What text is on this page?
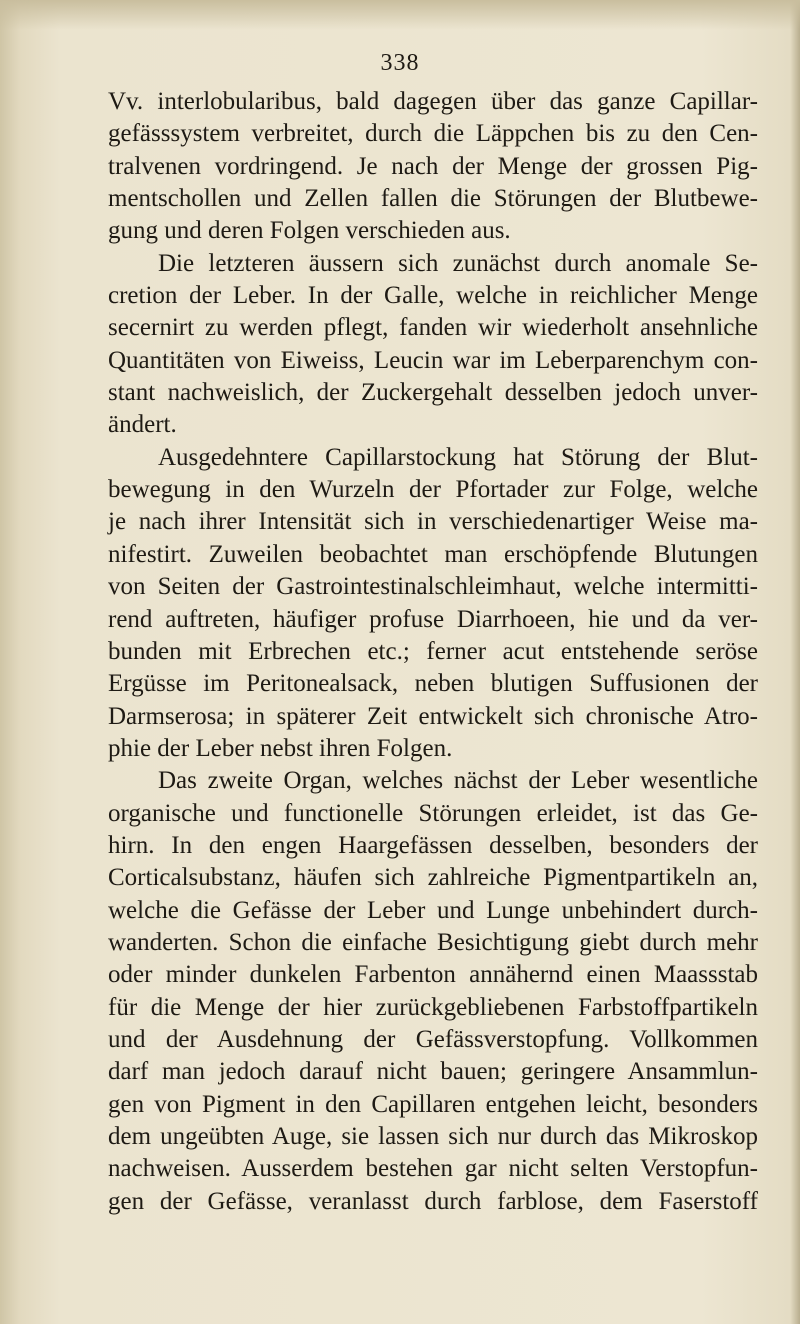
338
Vv. interlobularibus, bald dagegen über das ganze Capillar-
gefässsystem verbreitet, durch die Läppchen bis zu den Cen-
tralvenen vordringend. Je nach der Menge der grossen Pig-
mentschollen und Zellen fallen die Störungen der Blutbewe-
gung und deren Folgen verschieden aus.
Die letzteren äussern sich zunächst durch anomale Se-
cretion der Leber. In der Galle, welche in reichlicher Menge
secernirt zu werden pflegt, fanden wir wiederholt ansehnliche
Quantitäten von Eiweiss, Leucin war im Leberparenchym con-
stant nachweislich, der Zuckergehalt desselben jedoch unver-
ändert.
Ausgedehntere Capillarstockung hat Störung der Blut-
bewegung in den Wurzeln der Pfortader zur Folge, welche
je nach ihrer Intensität sich in verschiedenartiger Weise ma-
nifestirt. Zuweilen beobachtet man erschöpfende Blutungen
von Seiten der Gastrointestinalschleimhaut, welche intermitti-
rend auftreten, häufiger profuse Diarrhoeen, hie und da ver-
bunden mit Erbrechen etc.; ferner acut entstehende seröse
Ergüsse im Peritonealsack, neben blutigen Suffusionen der
Darmserosa; in späterer Zeit entwickelt sich chronische Atro-
phie der Leber nebst ihren Folgen.
Das zweite Organ, welches nächst der Leber wesentliche
organische und functionelle Störungen erleidet, ist das Ge-
hirn. In den engen Haargefässen desselben, besonders der
Corticalsubstanz, häufen sich zahlreiche Pigmentpartikeln an,
welche die Gefässe der Leber und Lunge unbehindert durch-
wanderten. Schon die einfache Besichtigung giebt durch mehr
oder minder dunkelen Farbenton annähernd einen Maassstab
für die Menge der hier zurückgebliebenen Farbstoffpartikeln
und der Ausdehnung der Gefässverstopfung. Vollkommen
darf man jedoch darauf nicht bauen; geringere Ansammlun-
gen von Pigment in den Capillaren entgehen leicht, besonders
dem ungeübten Auge, sie lassen sich nur durch das Mikroskop
nachweisen. Ausserdem bestehen gar nicht selten Verstopfun-
gen der Gefässe, veranlasst durch farblose, dem Faserstoff
